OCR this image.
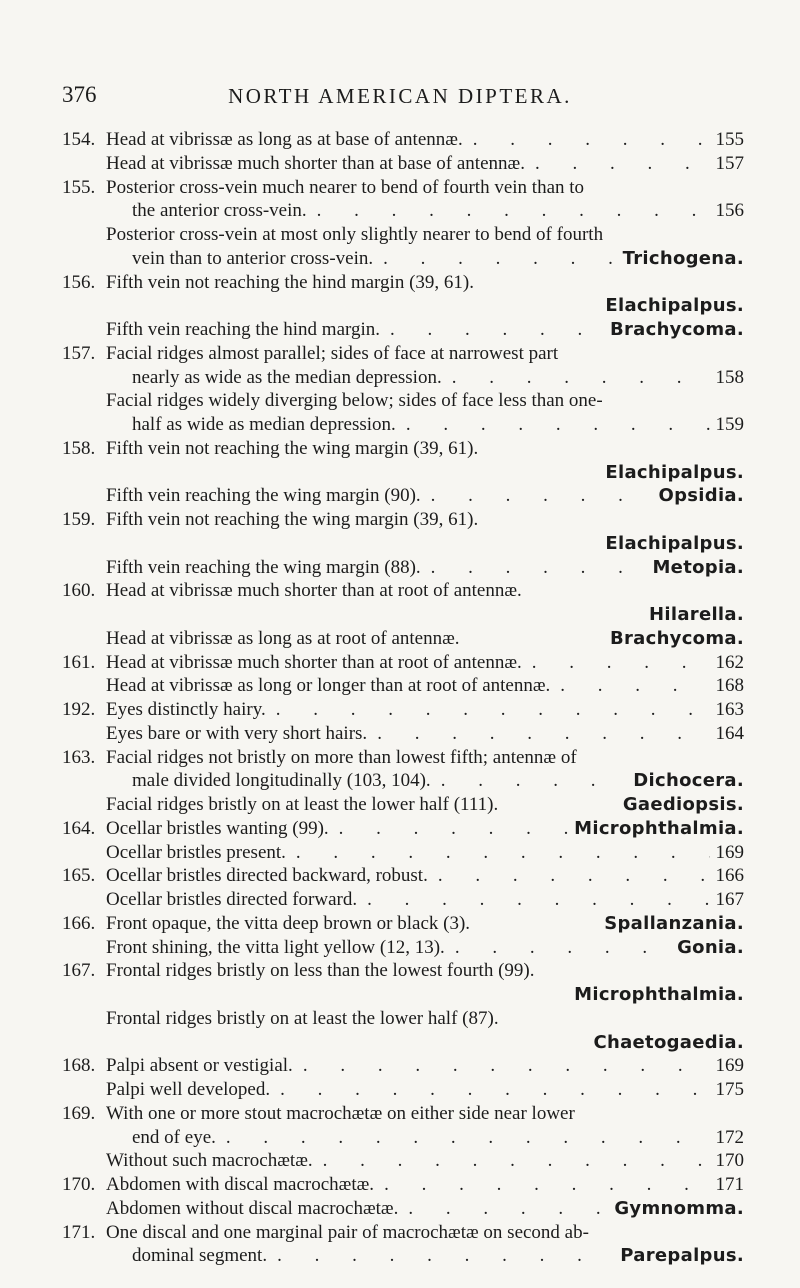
376	NORTH AMERICAN DIPTERA.
154. Head at vibrissæ as long as at base of antennæ. . . .	155
Head at vibrissæ much shorter than at base of antennæ. . . .	157
155. Posterior cross-vein much nearer to bend of fourth vein than to
the anterior cross-vein. . . .	156
Posterior cross-vein at most only slightly nearer to bend of fourth
vein than to anterior cross-vein. . . .	Trichogena.
156. Fifth vein not reaching the hind margin (39, 61).
Elachipalpus.
Fifth vein reaching the hind margin. . . .	Brachycoma.
157. Facial ridges almost parallel; sides of face at narrowest part
nearly as wide as the median depression. . . .	158
Facial ridges widely diverging below; sides of face less than one-
half as wide as median depression. . . .	159
158. Fifth vein not reaching the wing margin (39, 61).
Elachipalpus.
Fifth vein reaching the wing margin (90). . . .	Opsidia.
159. Fifth vein not reaching the wing margin (39, 61).
Elachipalpus.
Fifth vein reaching the wing margin (88). . . .	Metopia.
160. Head at vibrissæ much shorter than at root of antennæ.
Hilarella.
Head at vibrissæ as long as at root of antennæ.	Brachycoma.
161. Head at vibrissæ much shorter than at root of antennæ. . . .	162
Head at vibrissæ as long or longer than at root of antennæ. . . .	168
192. Eyes distinctly hairy. . . .	163
Eyes bare or with very short hairs. . . .	164
163. Facial ridges not bristly on more than lowest fifth; antennæ of
male divided longitudinally (103, 104). . . .	Dichocera.
Facial ridges bristly on at least the lower half (111).	Gaediopsis.
164. Ocellar bristles wanting (99). . . .	Microphthalmia.
Ocellar bristles present. . . .	169
165. Ocellar bristles directed backward, robust. . . .	166
Ocellar bristles directed forward. . . .	167
166. Front opaque, the vitta deep brown or black (3).	Spallanzania.
Front shining, the vitta light yellow (12, 13). . . .	Gonia.
167. Frontal ridges bristly on less than the lowest fourth (99).
Microphthalmia.
Frontal ridges bristly on at least the lower half (87).
Chaetogaedia.
168. Palpi absent or vestigial. . . .	169
Palpi well developed. . . .	175
169. With one or more stout macrochætæ on either side near lower
end of eye. . . .	172
Without such macrochætæ. . . .	170
170. Abdomen with discal macrochætæ. . . .	171
Abdomen without discal macrochætæ. . . .	Gymnomma.
171. One discal and one marginal pair of macrochætæ on second ab-
dominal segment. . . .	Parepalpus.
